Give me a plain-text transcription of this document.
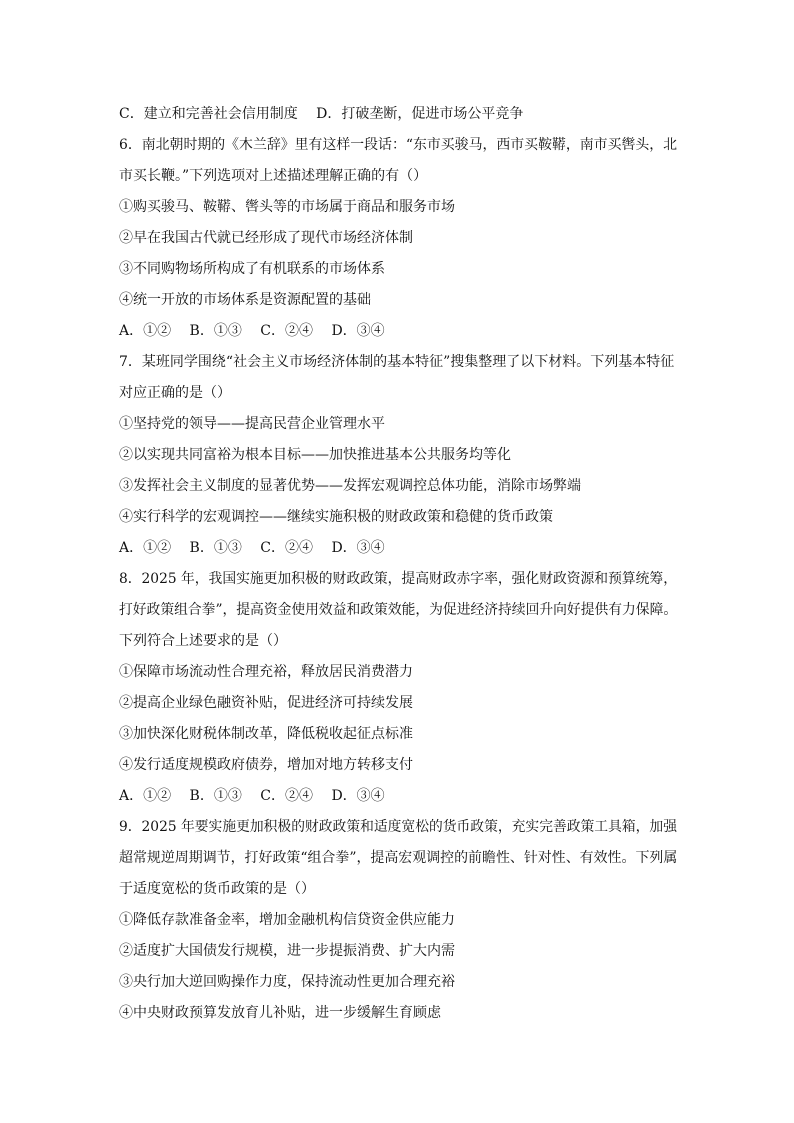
C．建立和完善社会信用制度　 D．打破垄断，促进市场公平竞争
6．南北朝时期的《木兰辞》里有这样一段话：“东市买骏马，西市买鞍鞯，南市买辔头，北
市买长鞭。”下列选项对上述描述理解正确的有（）
①购买骏马、鞍鞯、辔头等的市场属于商品和服务市场
②早在我国古代就已经形成了现代市场经济体制
③不同购物场所构成了有机联系的市场体系
④统一开放的市场体系是资源配置的基础
A．①②　 B．①③　 C．②④　 D．③④
7．某班同学围绕“社会主义市场经济体制的基本特征”搜集整理了以下材料。下列基本特征
对应正确的是（）
①坚持党的领导——提高民营企业管理水平
②以实现共同富裕为根本目标——加快推进基本公共服务均等化
③发挥社会主义制度的显著优势——发挥宏观调控总体功能，消除市场弊端
④实行科学的宏观调控——继续实施积极的财政政策和稳健的货币政策
A．①②　 B．①③　 C．②④　 D．③④
8．2025 年，我国实施更加积极的财政政策，提高财政赤字率，强化财政资源和预算统筹，
打好政策组合拳”，提高资金使用效益和政策效能，为促进经济持续回升向好提供有力保障。
下列符合上述要求的是（）
①保障市场流动性合理充裕，释放居民消费潜力
②提高企业绿色融资补贴，促进经济可持续发展
③加快深化财税体制改革，降低税收起征点标准
④发行适度规模政府债券，增加对地方转移支付
A．①②　 B．①③　 C．②④　 D．③④
9．2025 年要实施更加积极的财政政策和适度宽松的货币政策，充实完善政策工具箱，加强
超常规逆周期调节，打好政策“组合拳”，提高宏观调控的前瞻性、针对性、有效性。下列属
于适度宽松的货币政策的是（）
①降低存款准备金率，增加金融机构信贷资金供应能力
②适度扩大国债发行规模，进一步提振消费、扩大内需
③央行加大逆回购操作力度，保持流动性更加合理充裕
④中央财政预算发放育儿补贴，进一步缓解生育顾虑
